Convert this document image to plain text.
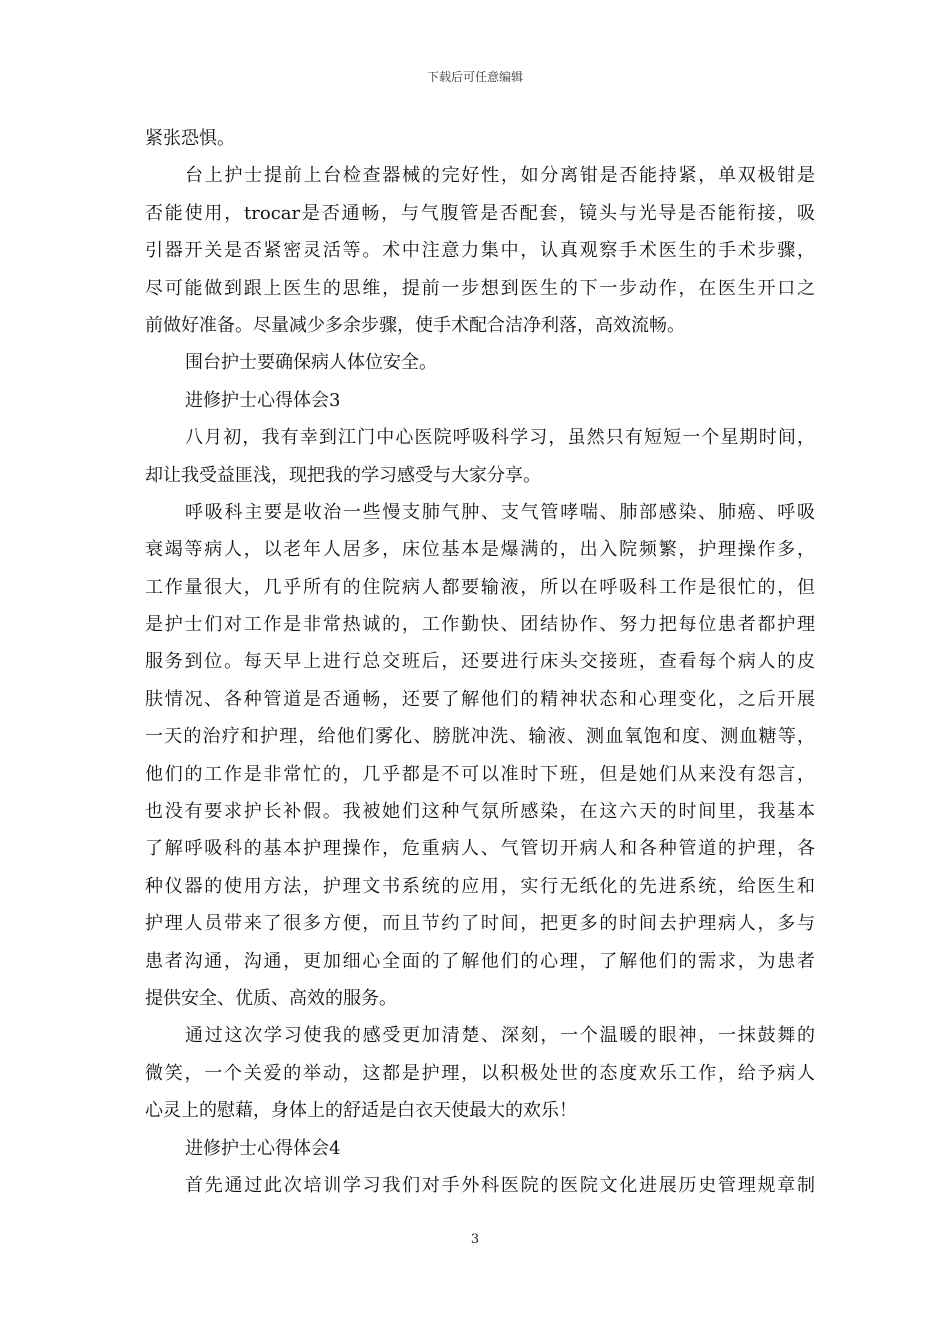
下载后可任意编辑
紧张恐惧。
台上护士提前上台检查器械的完好性，如分离钳是否能持紧，单双极钳是
否能使用，trocar是否通畅，与气腹管是否配套，镜头与光导是否能衔接，吸
引器开关是否紧密灵活等。术中注意力集中，认真观察手术医生的手术步骤，
尽可能做到跟上医生的思维，提前一步想到医生的下一步动作，在医生开口之
前做好准备。尽量减少多余步骤，使手术配合洁净利落，高效流畅。
围台护士要确保病人体位安全。
进修护士心得体会3
八月初，我有幸到江门中心医院呼吸科学习，虽然只有短短一个星期时间，
却让我受益匪浅，现把我的学习感受与大家分享。
呼吸科主要是收治一些慢支肺气肿、支气管哮喘、肺部感染、肺癌、呼吸
衰竭等病人，以老年人居多，床位基本是爆满的，出入院频繁，护理操作多，
工作量很大，几乎所有的住院病人都要输液，所以在呼吸科工作是很忙的，但
是护士们对工作是非常热诚的，工作勤快、团结协作、努力把每位患者都护理
服务到位。每天早上进行总交班后，还要进行床头交接班，查看每个病人的皮
肤情况、各种管道是否通畅，还要了解他们的精神状态和心理变化，之后开展
一天的治疗和护理，给他们雾化、膀胱冲洗、输液、测血氧饱和度、测血糖等，
他们的工作是非常忙的，几乎都是不可以准时下班，但是她们从来没有怨言，
也没有要求护长补假。我被她们这种气氛所感染，在这六天的时间里，我基本
了解呼吸科的基本护理操作，危重病人、气管切开病人和各种管道的护理，各
种仪器的使用方法，护理文书系统的应用，实行无纸化的先进系统，给医生和
护理人员带来了很多方便，而且节约了时间，把更多的时间去护理病人，多与
患者沟通，沟通，更加细心全面的了解他们的心理，了解他们的需求，为患者
提供安全、优质、高效的服务。
通过这次学习使我的感受更加清楚、深刻，一个温暖的眼神，一抹鼓舞的
微笑，一个关爱的举动，这都是护理，以积极处世的态度欢乐工作，给予病人
心灵上的慰藉，身体上的舒适是白衣天使最大的欢乐！
进修护士心得体会4
首先通过此次培训学习我们对手外科医院的医院文化进展历史管理规章制
3
